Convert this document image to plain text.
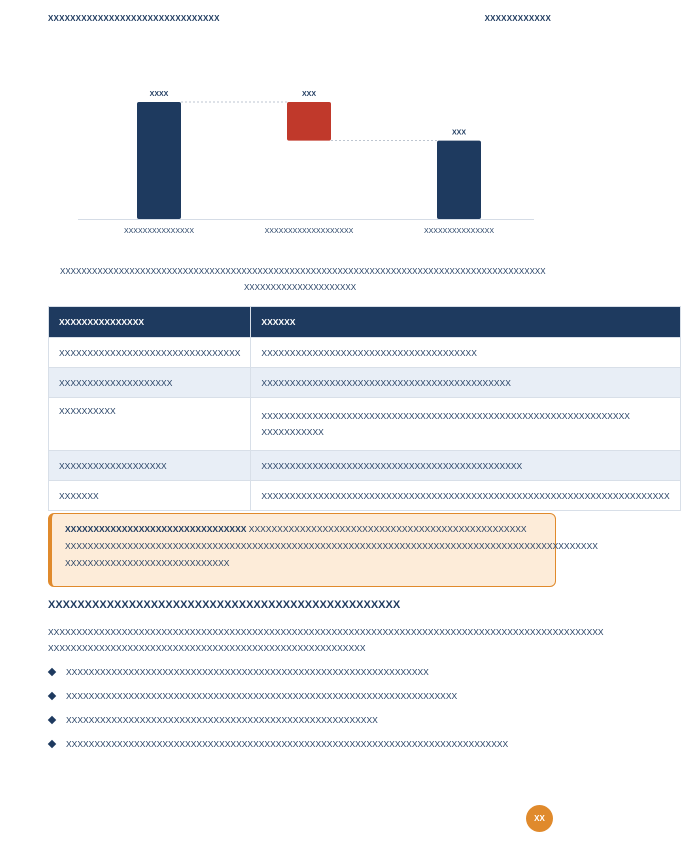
XXXXXXXXXXXXXXXXXXXXXXXXXXXXXXX	XXXXXXXXXXXX
XXXX
XXXXXXXXXXXXXXX
XXX
XXXXXXXXXXXXXXXXXXX
XXX
XXXXXXXXXXXXXXX
XXXXXXXXXXXXXXXXXXXXXXXXXXXXXXXXXXXXXXXXXXXXXXXXXXXXXXXXXXXXXXXXXXXXXXXXXXXXXXXXXXXXXXXXXXX
XXXXXXXXXXXXXXXXXXXXX
XXXXXXXXXXXXXXX	XXXXXX
XXXXXXXXXXXXXXXXXXXXXXXXXXXXXXXX	XXXXXXXXXXXXXXXXXXXXXXXXXXXXXXXXXXXXXX
XXXXXXXXXXXXXXXXXXXX	XXXXXXXXXXXXXXXXXXXXXXXXXXXXXXXXXXXXXXXXXXXX
XXXXXXXXXX	XXXXXXXXXXXXXXXXXXXXXXXXXXXXXXXXXXXXXXXXXXXXXXXXXXXXXXXXXXXXXXXXX XXXXXXXXXXX
XXXXXXXXXXXXXXXXXXX	XXXXXXXXXXXXXXXXXXXXXXXXXXXXXXXXXXXXXXXXXXXXXX
XXXXXXX	XXXXXXXXXXXXXXXXXXXXXXXXXXXXXXXXXXXXXXXXXXXXXXXXXXXXXXXXXXXXXXXXXXXXXXXX
XXXXXXXXXXXXXXXXXXXXXXXXXXXXXXXX XXXXXXXXXXXXXXXXXXXXXXXXXXXXXXXXXXXXXXXXXXXXXXXXX
XXXXXXXXXXXXXXXXXXXXXXXXXXXXXXXXXXXXXXXXXXXXXXXXXXXXXXXXXXXXXXXXXXXXXXXXXXXXXXXXXXXXXXXXXXXXXX
XXXXXXXXXXXXXXXXXXXXXXXXXXXXX
XXXXXXXXXXXXXXXXXXXXXXXXXXXXXXXXXXXXXXXXXXXXXXXX
XXXXXXXXXXXXXXXXXXXXXXXXXXXXXXXXXXXXXXXXXXXXXXXXXXXXXXXXXXXXXXXXXXXXXXXXXXXXXXXXXXXXXXXXXXXXXXXXXX
XXXXXXXXXXXXXXXXXXXXXXXXXXXXXXXXXXXXXXXXXXXXXXXXXXXXXXXX
XXXXXXXXXXXXXXXXXXXXXXXXXXXXXXXXXXXXXXXXXXXXXXXXXXXXXXXXXXXXXXXX
XXXXXXXXXXXXXXXXXXXXXXXXXXXXXXXXXXXXXXXXXXXXXXXXXXXXXXXXXXXXXXXXXXXXX
XXXXXXXXXXXXXXXXXXXXXXXXXXXXXXXXXXXXXXXXXXXXXXXXXXXXXXX
XXXXXXXXXXXXXXXXXXXXXXXXXXXXXXXXXXXXXXXXXXXXXXXXXXXXXXXXXXXXXXXXXXXXXXXXXXXXXX
XX
